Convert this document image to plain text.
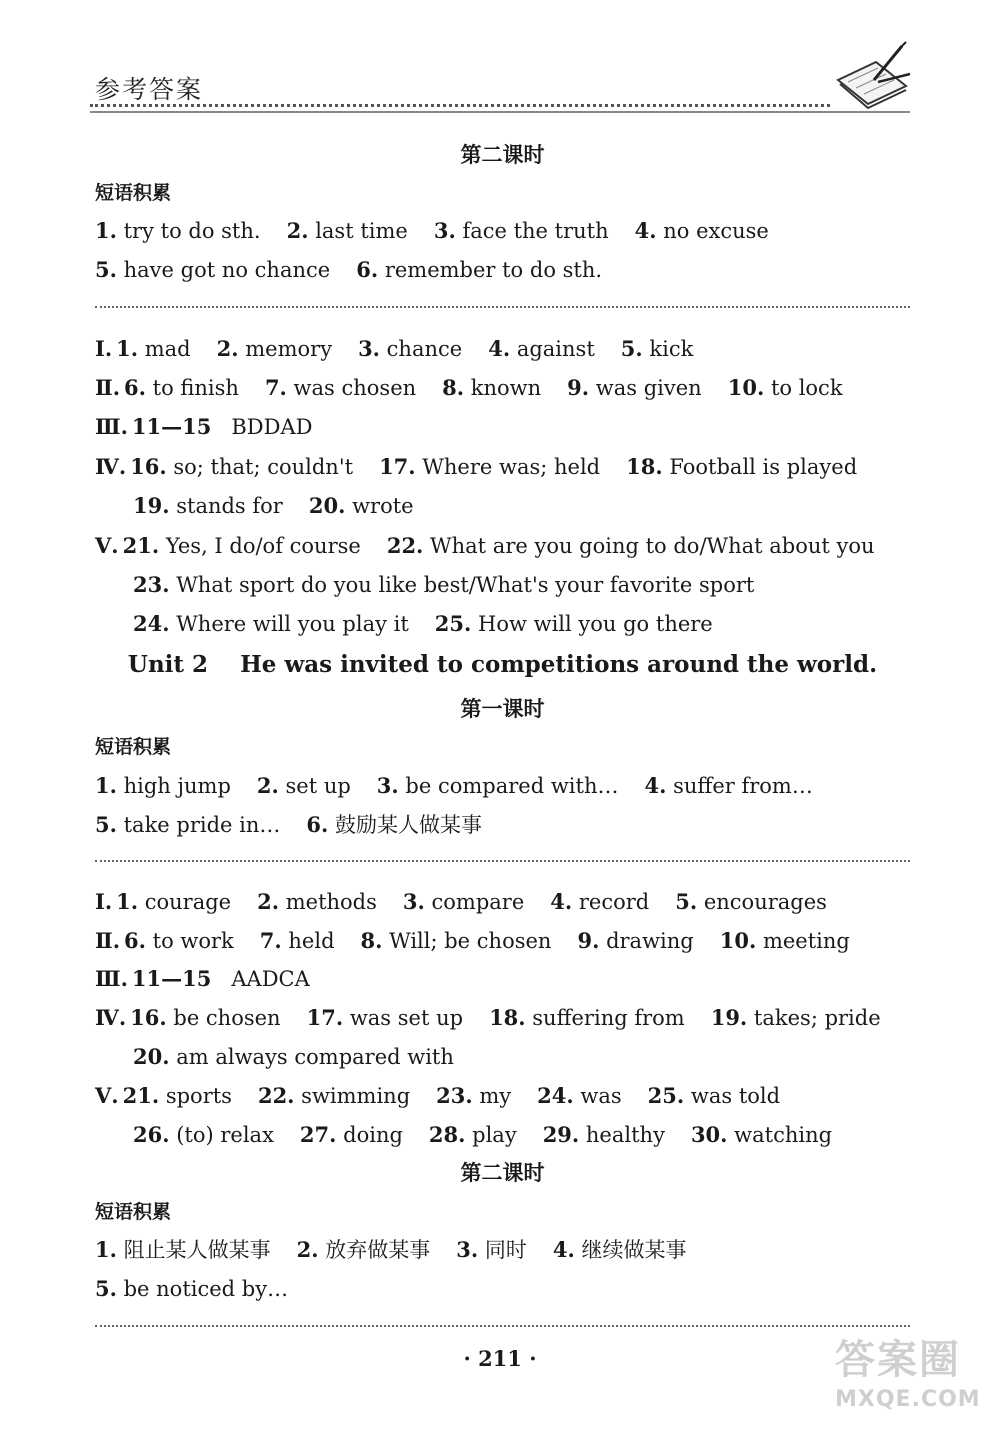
参考答案
第二课时
短语积累
1. try to do sth. 2. last time 3. face the truth 4. no excuse
5. have got no chance 6. remember to do sth.
Ⅰ. 1. mad 2. memory 3. chance 4. against 5. kick
Ⅱ. 6. to finish 7. was chosen 8. known 9. was given 10. to lock
Ⅲ. 11—15   BDDAD
Ⅳ. 16. so; that; couldn't 17. Where was; held 18. Football is played
19. stands for 20. wrote
Ⅴ. 21. Yes, I do/of course 22. What are you going to do/What about you
23. What sport do you like best/What's your favorite sport
24. Where will you play it 25. How will you go there
Unit 2    He was invited to competitions around the world.
第一课时
短语积累
1. high jump 2. set up 3. be compared with… 4. suffer from…
5. take pride in… 6. 鼓励某人做某事
Ⅰ. 1. courage 2. methods 3. compare 4. record 5. encourages
Ⅱ. 6. to work 7. held 8. Will; be chosen 9. drawing 10. meeting
Ⅲ. 11—15   AADCA
Ⅳ. 16. be chosen 17. was set up 18. suffering from 19. takes; pride
20. am always compared with
Ⅴ. 21. sports 22. swimming 23. my 24. was 25. was told
26. (to) relax 27. doing 28. play 29. healthy 30. watching
第二课时
短语积累
1. 阻止某人做某事 2. 放弃做某事 3. 同时 4. 继续做某事
5. be noticed by…
· 211 ·	答案圈
MXQE.COM
